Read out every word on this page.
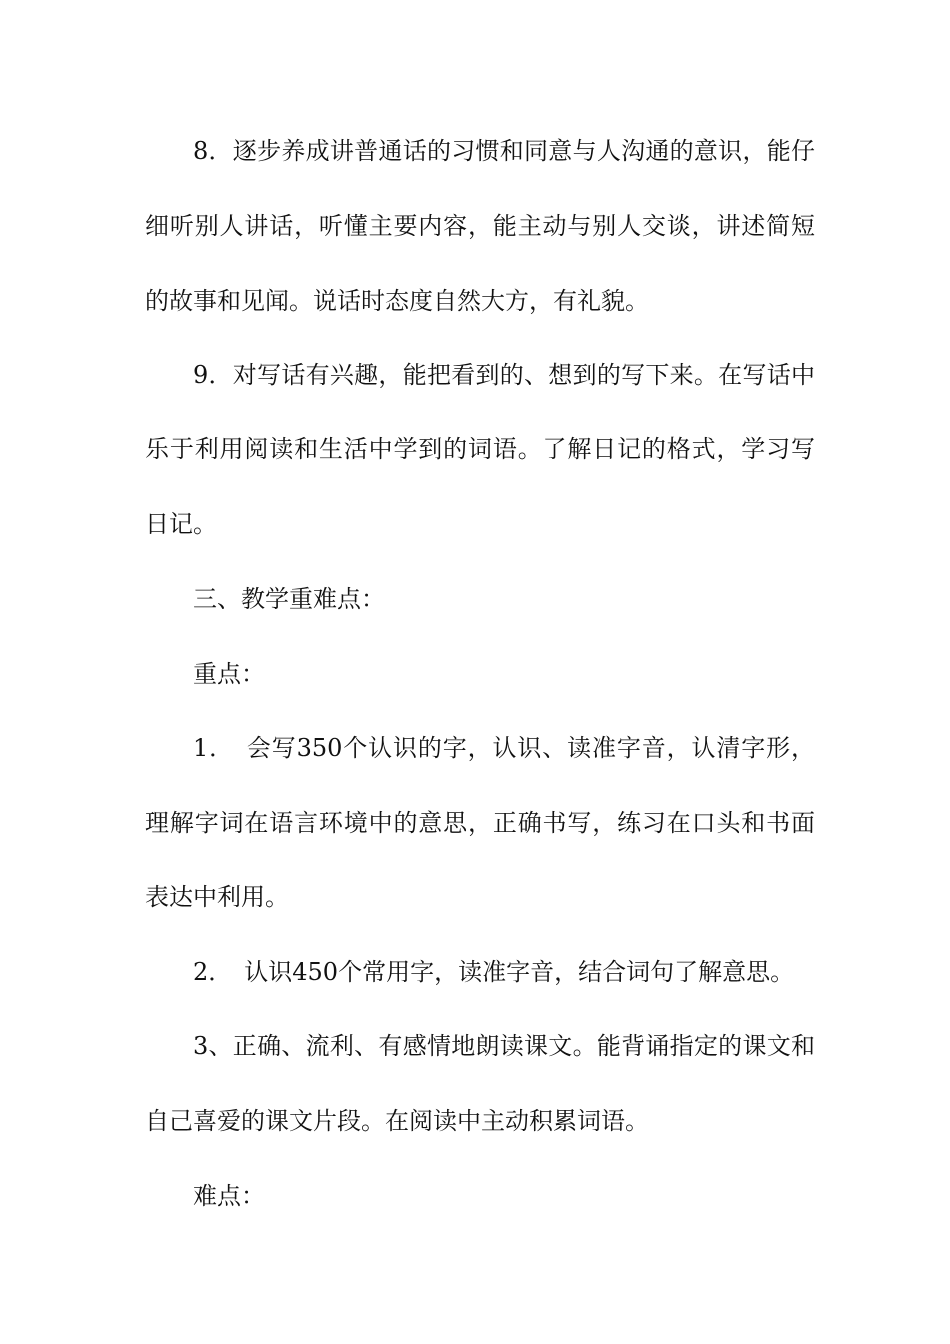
8．逐步养成讲普通话的习惯和同意与人沟通的意识，能仔

细听别人讲话，听懂主要内容，能主动与别人交谈，讲述简短

的故事和见闻。说话时态度自然大方，有礼貌。

9．对写话有兴趣，能把看到的、想到的写下来。在写话中

乐于利用阅读和生活中学到的词语。了解日记的格式，学习写

日记。

三、教学重难点：

重点：

1．　会写350个认识的字，认识、读准字音，认清字形，

理解字词在语言环境中的意思，正确书写，练习在口头和书面

表达中利用。

2．　认识450个常用字，读准字音，结合词句了解意思。

3、正确、流利、有感情地朗读课文。能背诵指定的课文和

自己喜爱的课文片段。在阅读中主动积累词语。

难点：
